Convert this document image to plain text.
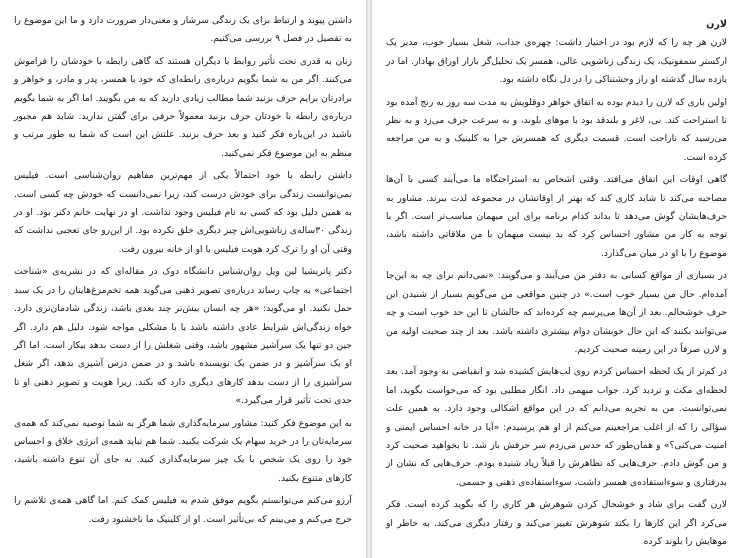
داشتن پیوند و ارتباط برای یک زندگی سرشار و معنی‌دار ضرورت دارد و ما این موضوع را به تفصیل در فصل ۹ بررسی می‌کنیم.

زنان به قدری تحت تأثیر روابط با دیگران هستند که گاهی رابطه با خودشان را فراموش می‌کنند. اگر من به شما بگویم درباره‌ی رابطه‌ای که خود با همسر، پدر و مادر، و خواهر و برادرتان برایم حرف بزنید شما مطالب زیادی دارید که به من بگویید. اما اگر به شما بگویم درباره‌ی رابطه با خودتان حرف بزنید معمولاً حرفی برای گفتن ندارید. شاید هم مجبور باشید در این‌باره فکر کنید و بعد حرف بزنید. علتش این است که شما به طور مرتب و منظم به این موضوع فکر نمی‌کنید.

داشتن رابطه با خود احتمالاً یکی از مهم‌ترین مفاهیم روان‌شناسی است. فیلیس نمی‌توانست زندگی برای خودش درست کند، زیرا نمی‌دانست که خودش چه کسی است. به همین دلیل بود که کسی به نام فیلیس وجود نداشت. او در نهایت خانم دکتر بود. او در زندگی ۳۰ساله‌ی زناشویی‌اش چیز دیگری خلق نکرده بود. از این‌رو جای تعجبی نداشت که وقتی آن او را ترک کرد هویت فیلیس با او از خانه بیرون رفت.

دکتر پاتریشیا لین ویل روان‌شناس دانشگاه دوک در مقاله‌ای که در نشریه‌ی «شناخت اجتماعی» به چاپ رساند درباره‌ی تصویر ذهنی می‌گوید همه تخم‌مرغ‌هایتان را در یک سبد حمل نکنید. او می‌گوید: «هر چه انسان بیش‌تر چند بعدی باشد، زندگی شادمان‌تری دارد. خواه زندگی‌اش شرایط عادی داشته باشد یا با مشکلی مواجه شود. دلیل هم دارد. اگر جین دو تنها یک سرآشپز مشهور باشد، وقتی شغلش را از دست بدهد بیکار است. اما اگر او یک سرآشپز و در ضمن یک نویسنده باشد و در ضمن درس آشپزی بدهد، اگر شغل سرآشپزی را از دست بدهد کارهای دیگری دارد که بکند. زیرا هویت و تصویر ذهنی او تا حدی تحت تأثیر قرار می‌گیرد.»

به این موضوع فکر کنید: مشاور سرمایه‌گذاری شما هرگز به شما توصیه نمی‌کند که همه‌ی سرمایه‌تان را در خرید سهام یک شرکت بکنید. شما هم نباید همه‌ی انرژی خلاق و احساس خود را روی یک شخص یا یک چیز سرمایه‌گذاری کنید. به جای آن تنوع داشته باشید، کارهای متنوع بکنید.

آرزو می‌کنم می‌توانستم بگویم موفق شدم به فیلیس کمک کنم. اما گاهی همه‌ی تلاشم را خرج می‌کنم و می‌بینم که بی‌تأثیر است. او از کلینیک ما ناخشنود رفت.

لارن

لارن هر چه را که لازم بود در اختیار داشت: چهره‌ی جذاب، شغل بسیار خوب، مدیر یک ارکستر سمفونیک، یک زندگی زناشویی عالی، همسر یک تحلیل‌گر بازار اوراق بهادار. اما در یازده سال گذشته او راز وحشتناکی را در دل نگاه داشته بود.

اولین باری که لارن را دیدم بوده به اتفاق خواهر دوقلویش به مدت سه روز به رنج آمده بود تا استراحت کند. نی، لاغر و بلندقد بود با موهای بلوند، و به سرعت حرف می‌زد و به نظر می‌رسید که ناراحت است. قسمت دیگری که همسرش جرا به کلینیک و به من مراجعه کرده است.

گاهی اوقات این اتفاق می‌افتد. وقتی اشخاص به استراحتگاه ما می‌آیند کسی با آن‌ها مصاحبه می‌کند تا شاید کاری کند که بهتر از اوقاتشان در مجموعه لذت ببرند. مشاور به حرف‌هایشان گوش می‌دهد تا بداند کدام برنامه برای این میهمان مناسب‌تر است. اگر با توجه به کار من مشاور احساس کرد که بد نیست میهمان با من ملاقاتی داشته باشد، موضوع را با او در میان می‌گذارد.

در بسیاری از مواقع کسانی به دفتر من می‌آیند و می‌گویند: «نمی‌دانم برای چه به این‌جا آمده‌ام. حال من بسیار خوب است.» در چنین مواقعی من می‌گویم بسیار از شنیدن این حرف خوشحالم. بعد از آن‌ها می‌پرسم چه کرده‌اند که حالشان تا این حد خوب است و چه می‌توانند بکنند که این حال خوبشان دوام بیشتری داشته باشد. بعد از چند صحبت اولیه من و لارن صرفاً در این زمینه صحبت کردیم.

در کم‌تر از یک لحظه احساس کردم روی لب‌هایش کشیده شد و انقباضی به وجود آمد. بعد لحظه‌ای مکث و تردید کرد. جواب مبهمی داد. انگار مطلبی بود که می‌خواست بگوید، اما نمی‌توانست. من به تجربه می‌دانم که در این مواقع اشکالی وجود دارد. به همین علت سؤالی را که از اغلب مراجعینم می‌کنم از او هم پرسیدم: «آیا در خانه احساس ایمنی و امنیت می‌کنی؟» و همان‌طور که حدس می‌زدم سر حرفش باز شد. تا بخواهید صحبت کرد و من گوش دادم. حرف‌هایی که تظاهرش را قبلاً زیاد شنیده بودم. حرف‌هایی که نشان از بدرفتاری و سوءاستفاده‌ی همسر داشت، سوءاستفاده‌ی ذهنی و جسمی.

لارن گفت برای شاد و خوشحال کردن شوهرش هر کاری را که بگوید کرده است. فکر می‌کرد اگر این کارها را بکند شوهرش تغییر می‌کند و رفتار دیگری می‌کند. به خاطر او موهایش را بلوند کرده
